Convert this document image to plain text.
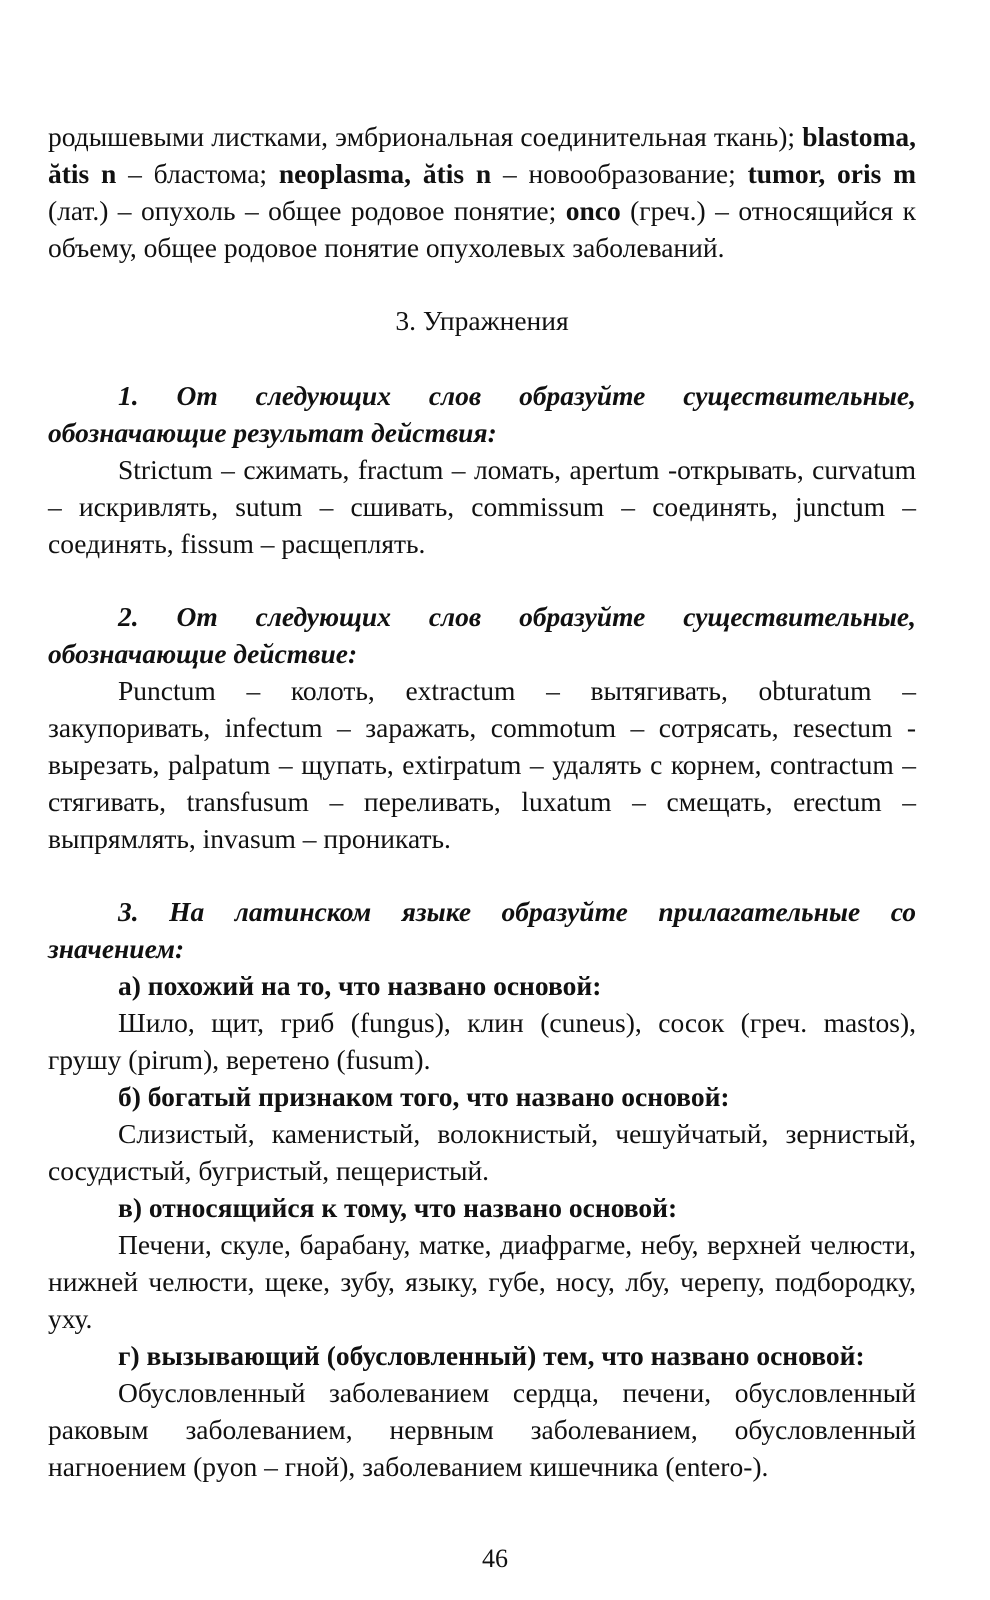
родышевыми листками, эмбриональная соединительная ткань); blastoma, ătis n – бластома; neoplasma, ătis n – новообразование; tumor, oris m (лат.) – опухоль – общее родовое понятие; onco (греч.) – относящийся к объему, общее родовое понятие опухолевых заболеваний.

3. Упражнения

1. От следующих слов образуйте существительные, обозначающие результат действия:

Strictum – сжимать, fractum – ломать, apertum -открывать, curvatum – искривлять, sutum – сшивать, commissum – соединять, junctum – соединять, fissum – расщеплять.

2. От следующих слов образуйте существительные, обозначающие действие:

Punctum – колоть, extractum – вытягивать, obturatum – закупоривать, infectum – заражать, commotum – сотрясать, resectum - вырезать, palpatum – щупать, extirpatum – удалять с корнем, contractum – стягивать, transfusum – переливать, luxatum – смещать, erectum – выпрямлять, invasum – проникать.

3. На латинском языке образуйте прилагательные со значением:

а) похожий на то, что названо основой:

Шило, щит, гриб (fungus), клин (cuneus), сосок (греч. mastos), грушу (pirum), веретено (fusum).

б) богатый признаком того, что названо основой:

Слизистый, каменистый, волокнистый, чешуйчатый, зернистый, сосудистый, бугристый, пещеристый.

в) относящийся к тому, что названо основой:

Печени, скуле, барабану, матке, диафрагме, небу, верхней челюсти, нижней челюсти, щеке, зубу, языку, губе, носу, лбу, черепу, подбородку, уху.

г) вызывающий (обусловленный) тем, что названо основой:

Обусловленный заболеванием сердца, печени, обусловленный раковым заболеванием, нервным заболеванием, обусловленный нагноением (pyon – гной), заболеванием кишечника (entero-).

46
